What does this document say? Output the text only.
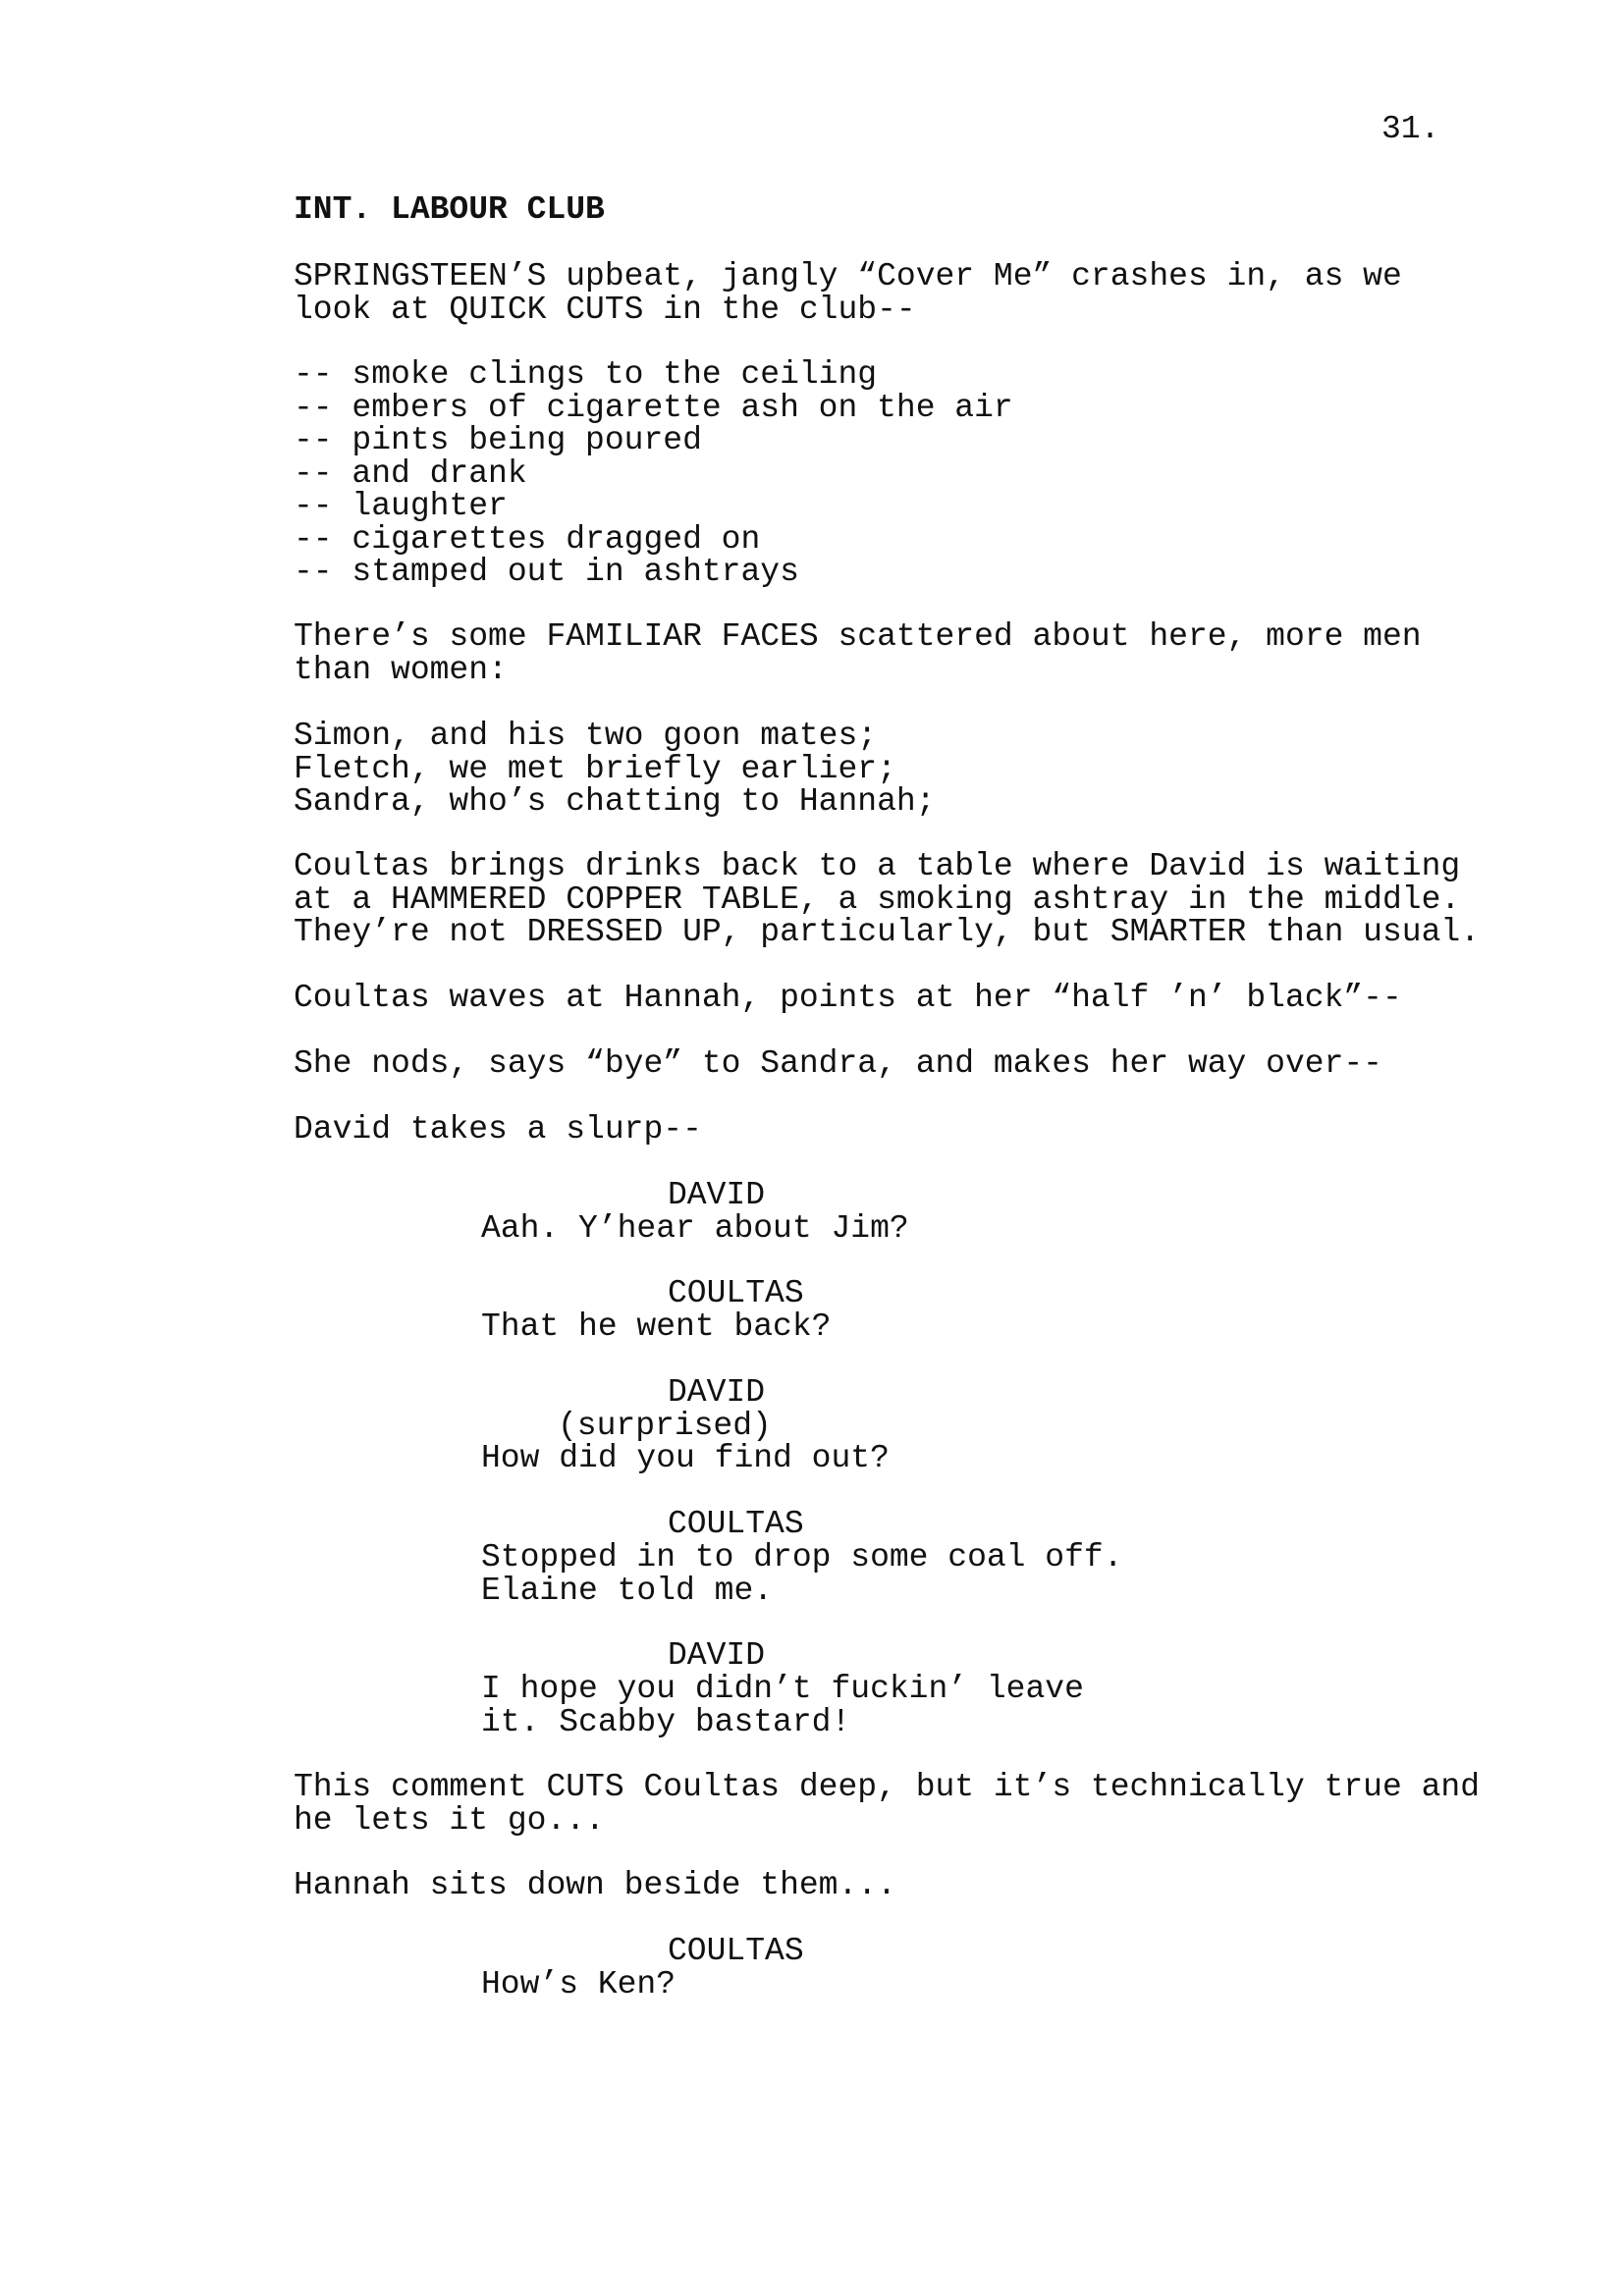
31.
INT. LABOUR CLUB
SPRINGSTEEN’S upbeat, jangly “Cover Me” crashes in, as we
look at QUICK CUTS in the club--
-- smoke clings to the ceiling
-- embers of cigarette ash on the air
-- pints being poured
-- and drank
-- laughter
-- cigarettes dragged on
-- stamped out in ashtrays
There’s some FAMILIAR FACES scattered about here, more men
than women:
Simon, and his two goon mates;
Fletch, we met briefly earlier;
Sandra, who’s chatting to Hannah;
Coultas brings drinks back to a table where David is waiting
at a HAMMERED COPPER TABLE, a smoking ashtray in the middle.
They’re not DRESSED UP, particularly, but SMARTER than usual.
Coultas waves at Hannah, points at her “half ’n’ black”--
She nods, says “bye” to Sandra, and makes her way over--
David takes a slurp--
DAVID
Aah. Y’hear about Jim?
COULTAS
That he went back?
DAVID
(surprised)
How did you find out?
COULTAS
Stopped in to drop some coal off.
Elaine told me.
DAVID
I hope you didn’t fuckin’ leave
it. Scabby bastard!
This comment CUTS Coultas deep, but it’s technically true and
he lets it go...
Hannah sits down beside them...
COULTAS
How’s Ken?
